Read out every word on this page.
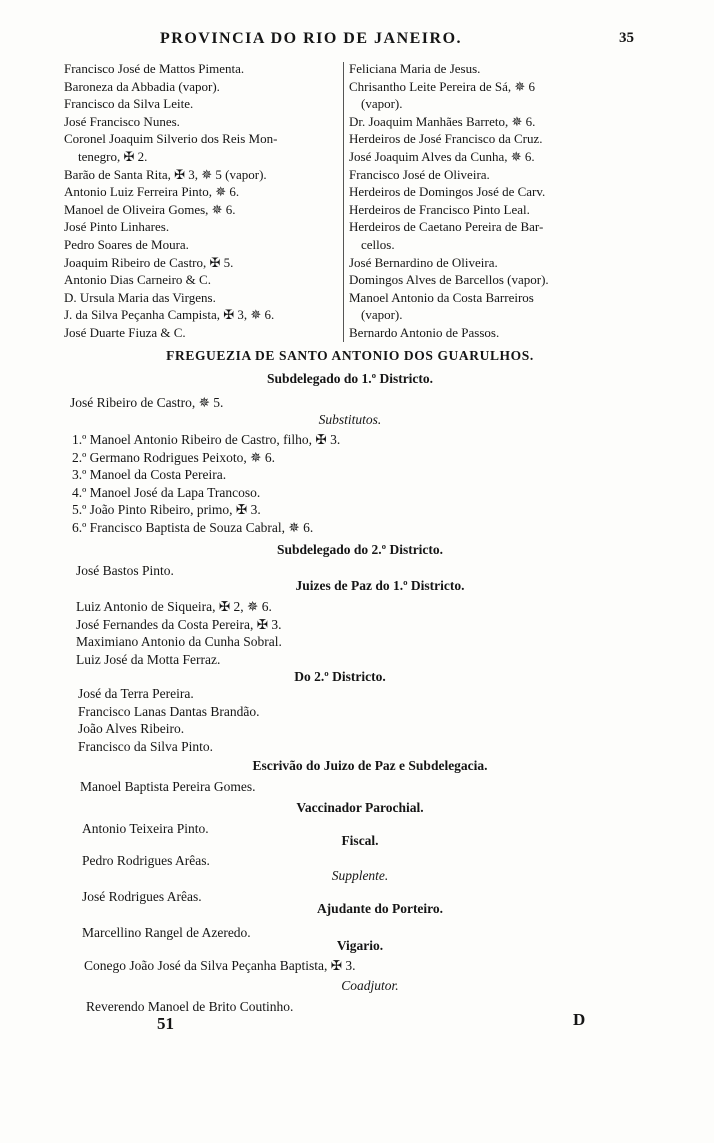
PROVINCIA DO RIO DE JANEIRO.	35
Francisco José de Mattos Pimenta.
Baroneza da Abbadia (vapor).
Francisco da Silva Leite.
José Francisco Nunes.
Coronel Joaquim Silverio dos Reis Mon-
tenegro, ✠ 2.
Barão de Santa Rita, ✠ 3, ✵ 5 (vapor).
Antonio Luiz Ferreira Pinto, ✵ 6.
Manoel de Oliveira Gomes, ✵ 6.
José Pinto Linhares.
Pedro Soares de Moura.
Joaquim Ribeiro de Castro, ✠ 5.
Antonio Dias Carneiro & C.
D. Ursula Maria das Virgens.
J. da Silva Peçanha Campista, ✠ 3, ✵ 6.
José Duarte Fiuza & C.
Feliciana Maria de Jesus.
Chrisantho Leite Pereira de Sá, ✵ 6
(vapor).
Dr. Joaquim Manhães Barreto, ✵ 6.
Herdeiros de José Francisco da Cruz.
José Joaquim Alves da Cunha, ✵ 6.
Francisco José de Oliveira.
Herdeiros de Domingos José de Carv.
Herdeiros de Francisco Pinto Leal.
Herdeiros de Caetano Pereira de Bar-
cellos.
José Bernardino de Oliveira.
Domingos Alves de Barcellos (vapor).
Manoel Antonio da Costa Barreiros
(vapor).
Bernardo Antonio de Passos.
FREGUEZIA DE SANTO ANTONIO DOS GUARULHOS.
Subdelegado do 1.º Districto.
José Ribeiro de Castro, ✵ 5.
Substitutos.
1.º Manoel Antonio Ribeiro de Castro, filho, ✠ 3.
2.º Germano Rodrigues Peixoto, ✵ 6.
3.º Manoel da Costa Pereira.
4.º Manoel José da Lapa Trancoso.
5.º João Pinto Ribeiro, primo, ✠ 3.
6.º Francisco Baptista de Souza Cabral, ✵ 6.
Subdelegado do 2.º Districto.
José Bastos Pinto.
Juizes de Paz do 1.º Districto.
Luiz Antonio de Siqueira, ✠ 2, ✵ 6.
José Fernandes da Costa Pereira, ✠ 3.
Maximiano Antonio da Cunha Sobral.
Luiz José da Motta Ferraz.
Do 2.º Districto.
José da Terra Pereira.
Francisco Lanas Dantas Brandão.
João Alves Ribeiro.
Francisco da Silva Pinto.
Escrivão do Juizo de Paz e Subdelegacia.
Manoel Baptista Pereira Gomes.
Vaccinador Parochial.
Antonio Teixeira Pinto.
Fiscal.
Pedro Rodrigues Arêas.
Supplente.
José Rodrigues Arêas.
Ajudante do Porteiro.
Marcellino Rangel de Azeredo.
Vigario.
Conego João José da Silva Peçanha Baptista, ✠ 3.
Coadjutor.
Reverendo Manoel de Brito Coutinho.
51	D
